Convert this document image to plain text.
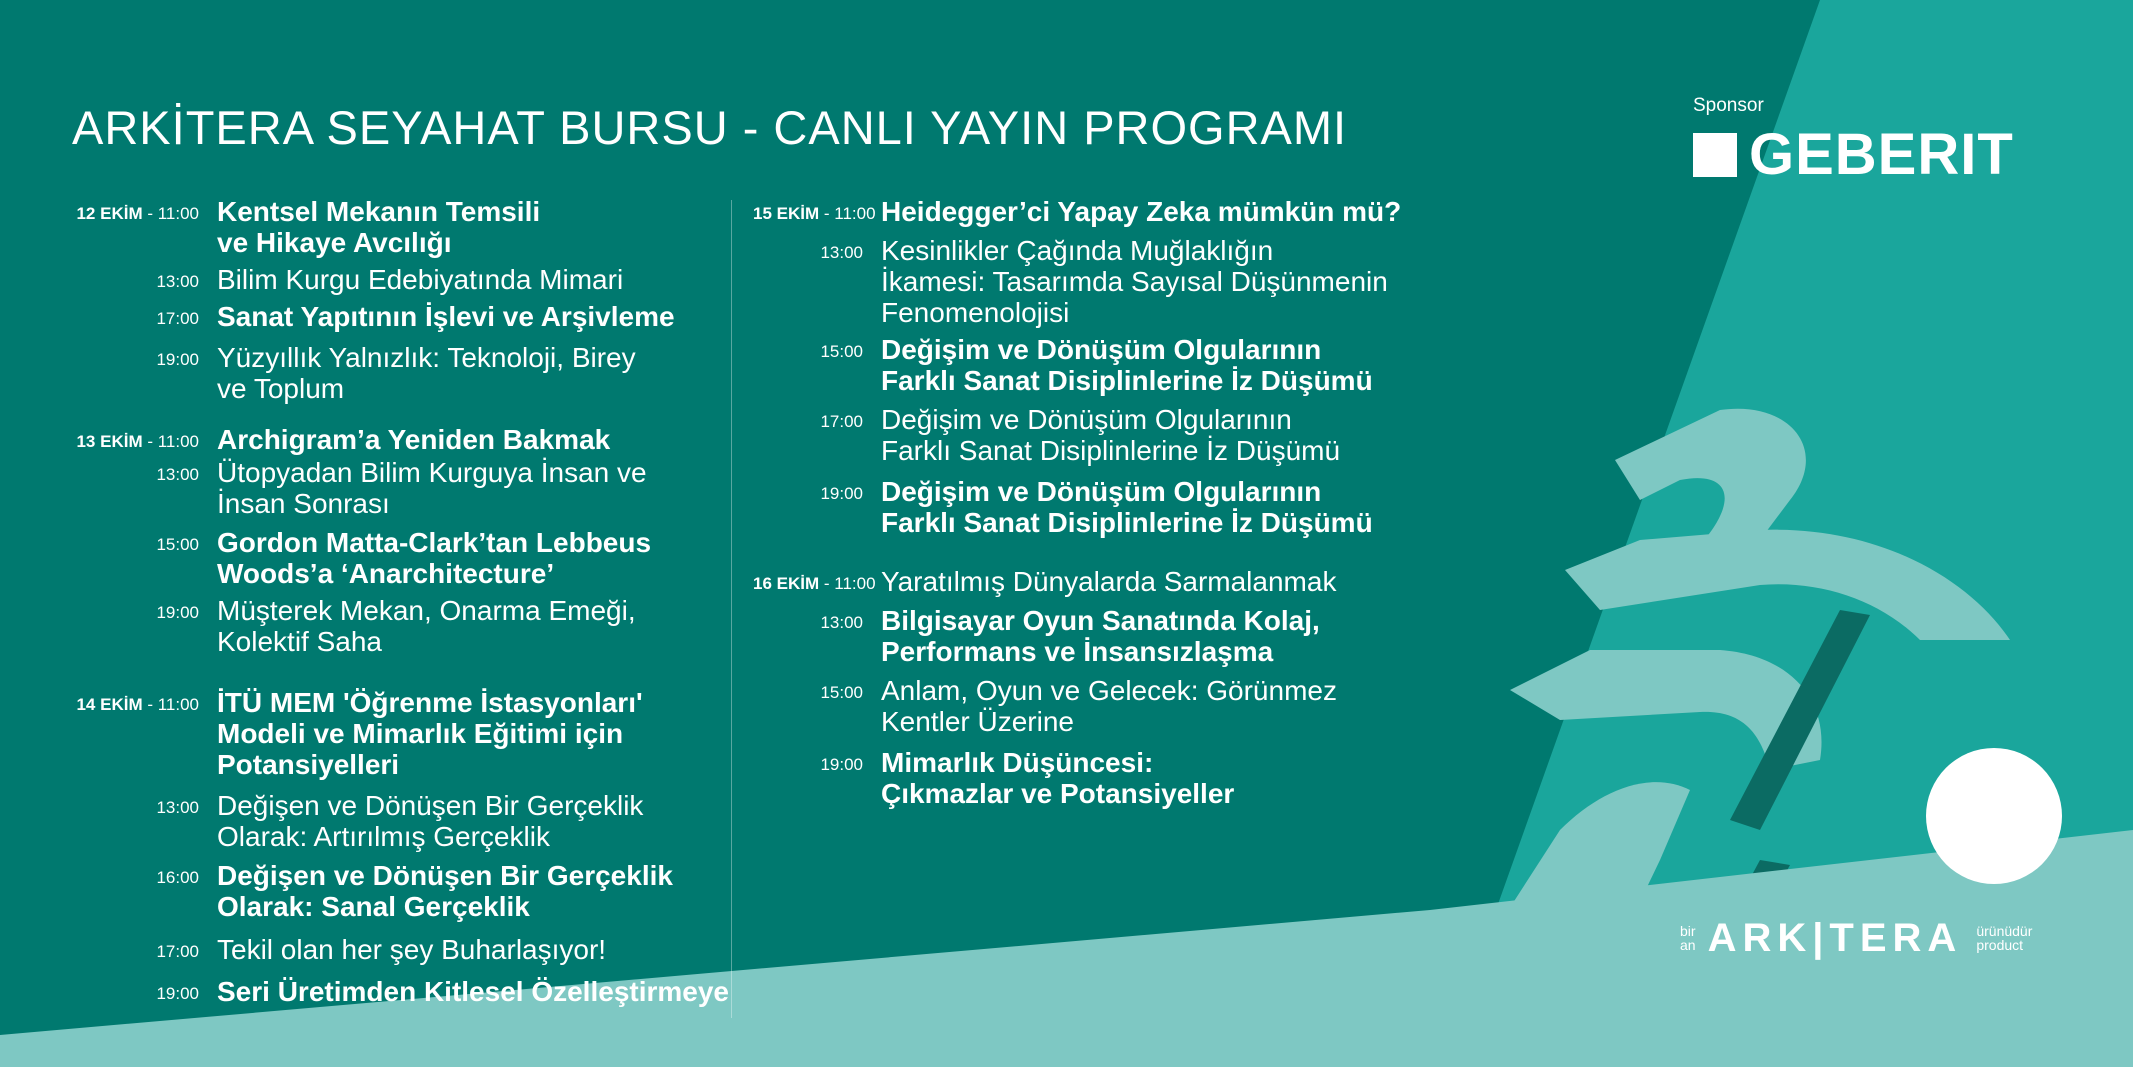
ARKİTERA SEYAHAT BURSU - CANLI YAYIN PROGRAMI
12 EKİM - 11:00 Kentsel Mekanın Temsili
ve Hikaye Avcılığı
13:00 Bilim Kurgu Edebiyatında Mimari
17:00 Sanat Yapıtının İşlevi ve Arşivleme
19:00 Yüzyıllık Yalnızlık: Teknoloji, Birey
ve Toplum
13 EKİM - 11:00 Archigram’a Yeniden Bakmak
13:00 Ütopyadan Bilim Kurguya İnsan ve
İnsan Sonrası
15:00 Gordon Matta-Clark’tan Lebbeus
Woods’a ‘Anarchitecture’
19:00 Müşterek Mekan, Onarma Emeği,
Kolektif Saha
14 EKİM - 11:00 İTÜ MEM 'Öğrenme İstasyonları'
Modeli ve Mimarlık Eğitimi için
Potansiyelleri
13:00 Değişen ve Dönüşen Bir Gerçeklik
Olarak: Artırılmış Gerçeklik
16:00 Değişen ve Dönüşen Bir Gerçeklik
Olarak: Sanal Gerçeklik
17:00 Tekil olan her şey Buharlaşıyor!
19:00 Seri Üretimden Kitlesel Özelleştirmeye
15 EKİM - 11:00 Heidegger’ci Yapay Zeka mümkün mü?
13:00 Kesinlikler Çağında Muğlaklığın
İkamesi: Tasarımda Sayısal Düşünmenin
Fenomenolojisi
15:00 Değişim ve Dönüşüm Olgularının
Farklı Sanat Disiplinlerine İz Düşümü
17:00 Değişim ve Dönüşüm Olgularının
Farklı Sanat Disiplinlerine İz Düşümü
19:00 Değişim ve Dönüşüm Olgularının
Farklı Sanat Disiplinlerine İz Düşümü
16 EKİM - 11:00 Yaratılmış Dünyalarda Sarmalanmak
13:00 Bilgisayar Oyun Sanatında Kolaj,
Performans ve İnsansızlaşma
15:00 Anlam, Oyun ve Gelecek: Görünmez
Kentler Üzerine
19:00 Mimarlık Düşüncesi:
Çıkmazlar ve Potansiyeller
Sponsor
GEBERIT
bir
an ARK|TERA ürünüdür
product
